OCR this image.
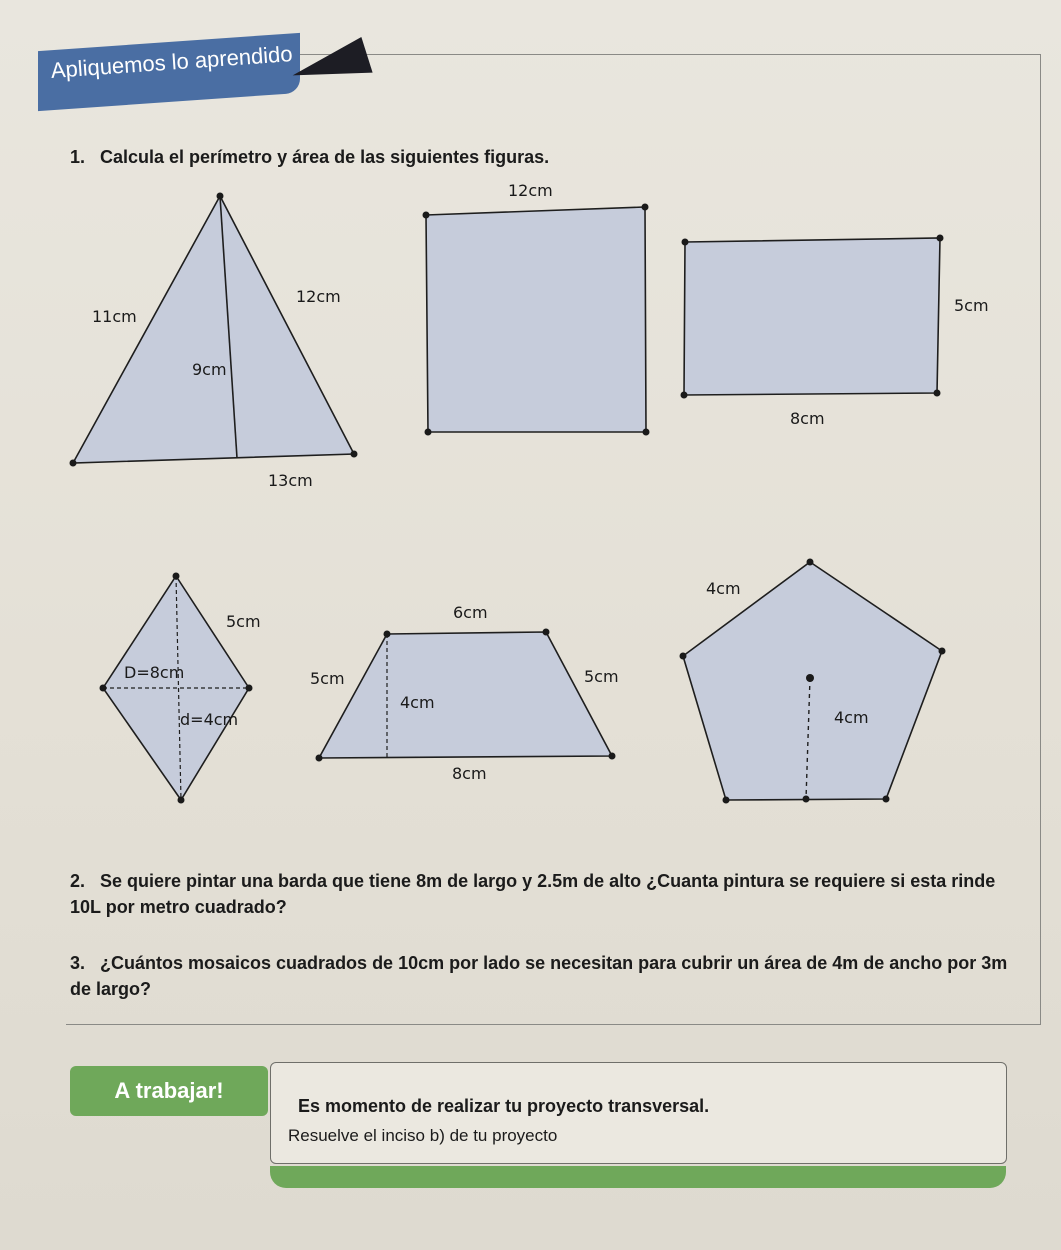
Apliquemos lo aprendido
1. Calcula el perímetro y área de las siguientes figuras.
11cm
12cm
9cm
13cm
12cm
5cm
8cm
5cm
D=8cm
d=4cm
6cm
5cm	5cm
4cm
8cm
4cm
4cm
2. Se quiere pintar una barda que tiene 8m de largo y 2.5m de alto ¿Cuanta pintura se requiere si esta rinde 10L por metro cuadrado?
3. ¿Cuántos mosaicos cuadrados de 10cm por lado se necesitan para cubrir un área de 4m de ancho por 3m de largo?
A trabajar!
Es momento de realizar tu proyecto transversal.
Resuelve el inciso b) de tu proyecto
